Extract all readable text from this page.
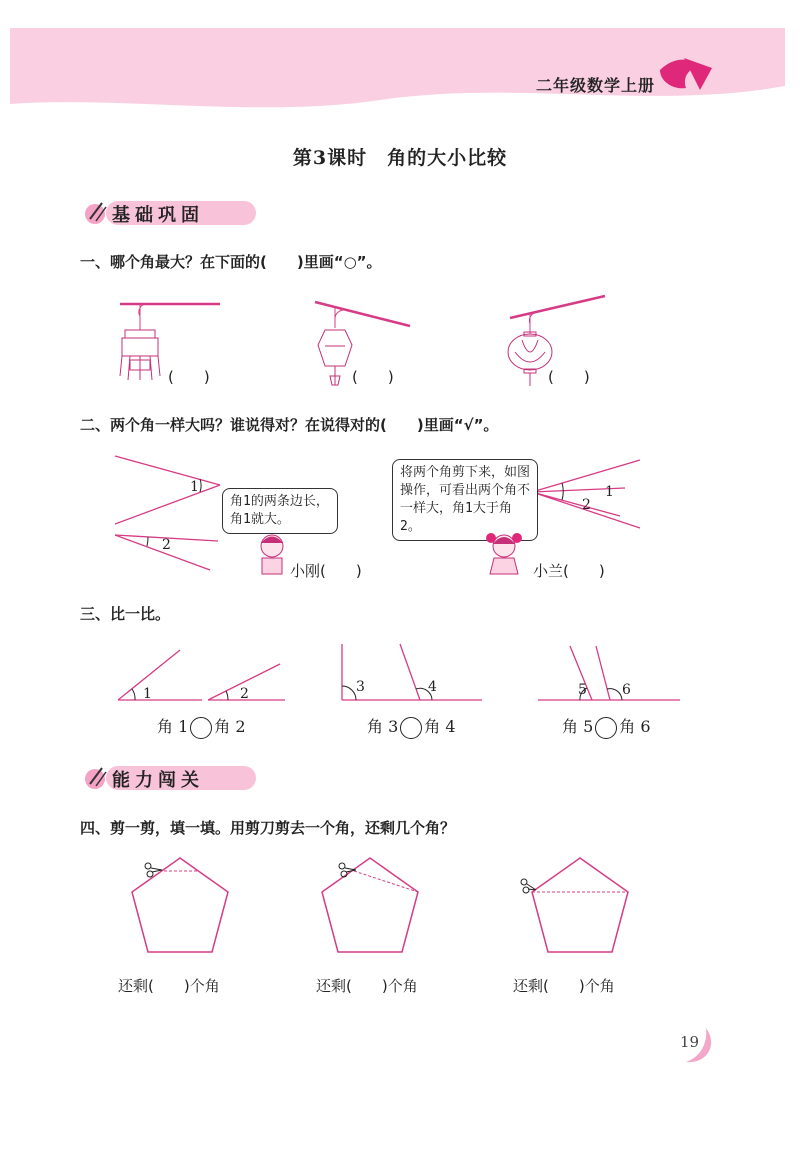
二年级数学上册
第3课时　角的大小比较
基础巩固
一、哪个角最大？在下面的(　　)里画“○”。
(　　)	(　　)	(　　)
二、两个角一样大吗？谁说得对？在说得对的(　　)里画“√”。
1
2
角1的两条边长，角1就大。
将两个角剪下来，如图操作，可看出两个角不一样大，角1大于角2。
1
2
小刚(　　)	小兰(　　)
三、比一比。
1	2	3	4	5	6
角 1 角 2	角 3 角 4	角 5 角 6
能力闯关
四、剪一剪，填一填。用剪刀剪去一个角，还剩几个角？
还剩(　　)个角	还剩(　　)个角	还剩(　　)个角
19
